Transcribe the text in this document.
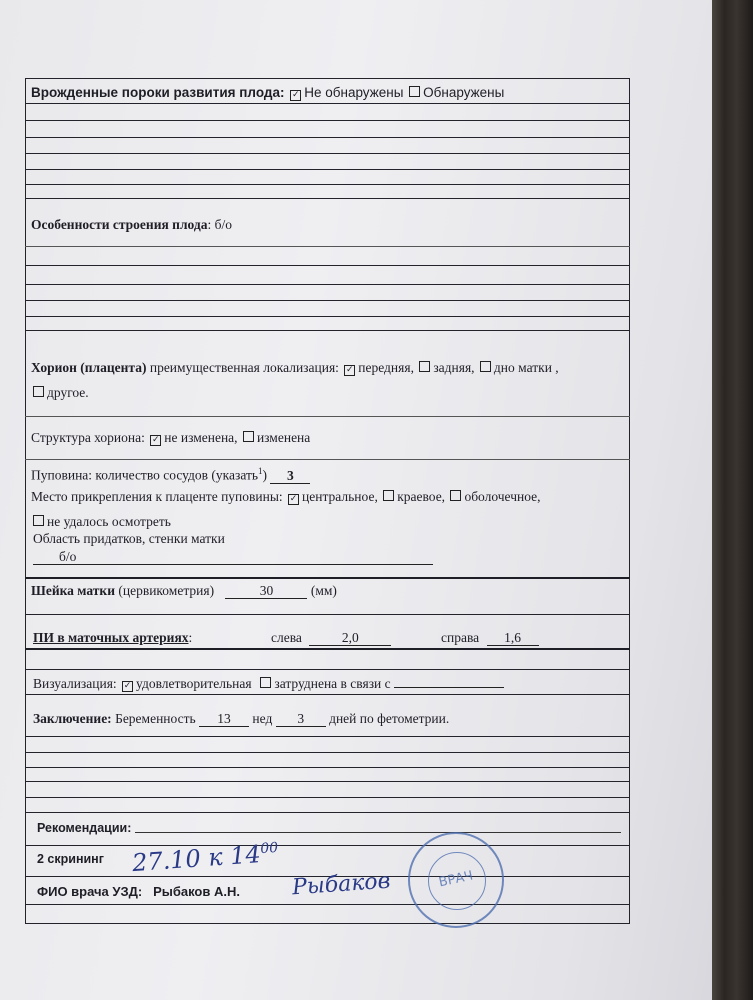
Врожденные пороки развития плода: ✓ Не обнаружены Обнаружены
Особенности строения плода: б/о
Хорион (плацента) преимущественная локализация: ✓ передняя, задняя, дно матки ,
другое.
Структура хориона: ✓ не изменена, изменена
Пуповина: количество сосудов (указать$^1$) 3
Место прикрепления к плаценте пуповины: ✓ центральное, краевое, оболочечное,
не удалось осмотреть
Область придатков, стенки матки
б/о
Шейка матки (цервикометрия)	30	(мм)
ПИ в маточных артериях:	слева	2,0	справа 1,6
Визуализация: ✓ удовлетворительная затруднена в связи с
Заключение: Беременность 13 нед 3 дней по фетометрии.
Рекомендации:
2 скрининг 27.10 к $14^{00}$
ФИО врача УЗД: Рыбаков А.Н. Рыбаков	ВРАЧ
